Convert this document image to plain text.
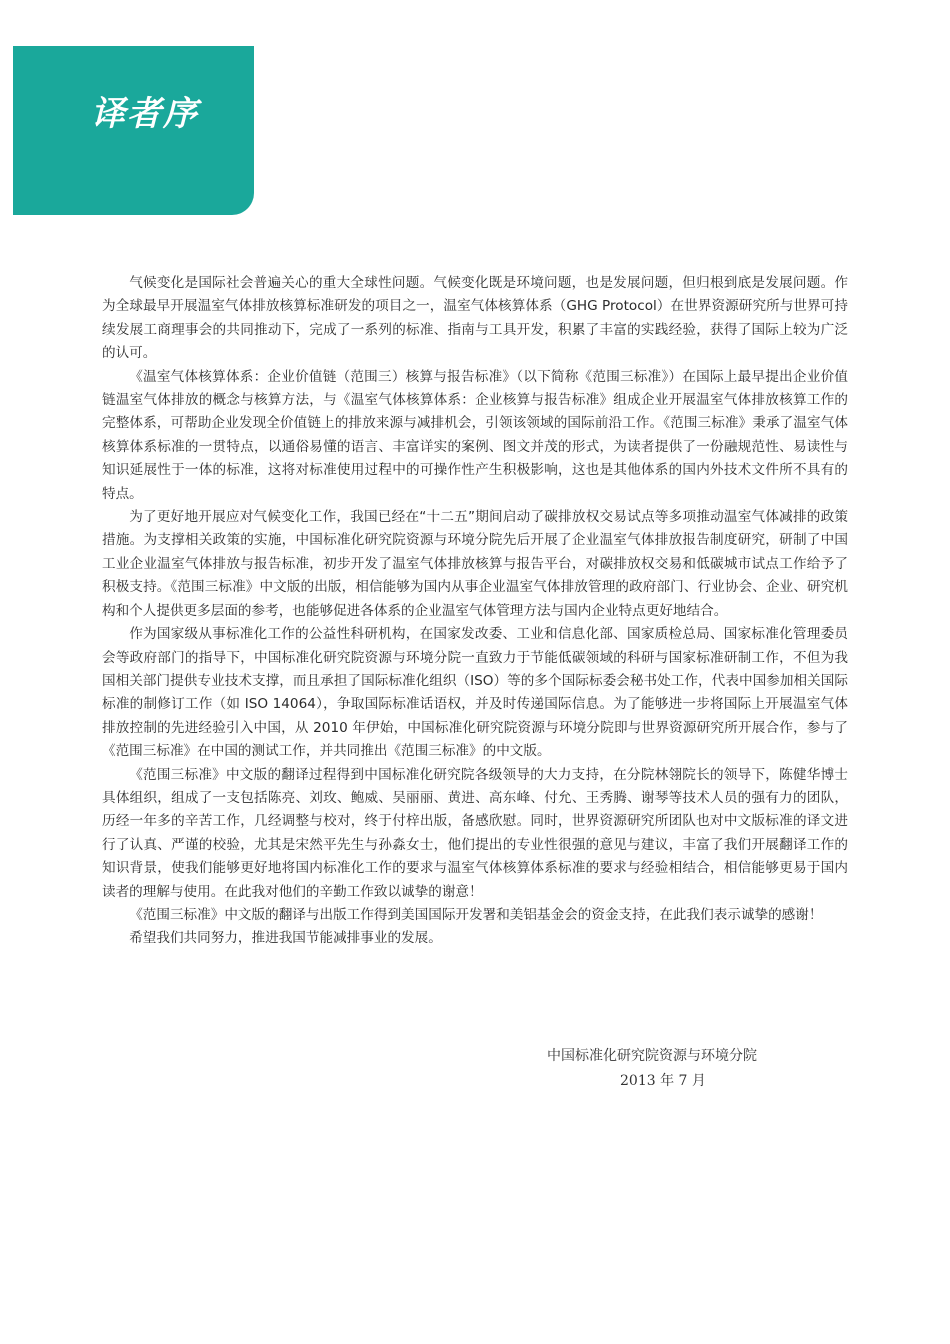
译者序

气候变化是国际社会普遍关心的重大全球性问题。气候变化既是环境问题，也是发展问题，但归根到底是发展问题。作为全球最早开展温室气体排放核算标准研发的项目之一，温室气体核算体系（GHG Protocol）在世界资源研究所与世界可持续发展工商理事会的共同推动下，完成了一系列的标准、指南与工具开发，积累了丰富的实践经验，获得了国际上较为广泛的认可。

《温室气体核算体系：企业价值链（范围三）核算与报告标准》（以下简称《范围三标准》）在国际上最早提出企业价值链温室气体排放的概念与核算方法，与《温室气体核算体系：企业核算与报告标准》组成企业开展温室气体排放核算工作的完整体系，可帮助企业发现全价值链上的排放来源与减排机会，引领该领域的国际前沿工作。《范围三标准》秉承了温室气体核算体系标准的一贯特点，以通俗易懂的语言、丰富详实的案例、图文并茂的形式，为读者提供了一份融规范性、易读性与知识延展性于一体的标准，这将对标准使用过程中的可操作性产生积极影响，这也是其他体系的国内外技术文件所不具有的特点。

为了更好地开展应对气候变化工作，我国已经在“十二五”期间启动了碳排放权交易试点等多项推动温室气体减排的政策措施。为支撑相关政策的实施，中国标准化研究院资源与环境分院先后开展了企业温室气体排放报告制度研究，研制了中国工业企业温室气体排放与报告标准，初步开发了温室气体排放核算与报告平台，对碳排放权交易和低碳城市试点工作给予了积极支持。《范围三标准》中文版的出版，相信能够为国内从事企业温室气体排放管理的政府部门、行业协会、企业、研究机构和个人提供更多层面的参考，也能够促进各体系的企业温室气体管理方法与国内企业特点更好地结合。

作为国家级从事标准化工作的公益性科研机构，在国家发改委、工业和信息化部、国家质检总局、国家标准化管理委员会等政府部门的指导下，中国标准化研究院资源与环境分院一直致力于节能低碳领域的科研与国家标准研制工作，不但为我国相关部门提供专业技术支撑，而且承担了国际标准化组织（ISO）等的多个国际标委会秘书处工作，代表中国参加相关国际标准的制修订工作（如 ISO 14064），争取国际标准话语权，并及时传递国际信息。为了能够进一步将国际上开展温室气体排放控制的先进经验引入中国，从 2010 年伊始，中国标准化研究院资源与环境分院即与世界资源研究所开展合作，参与了《范围三标准》在中国的测试工作，并共同推出《范围三标准》的中文版。

《范围三标准》中文版的翻译过程得到中国标准化研究院各级领导的大力支持，在分院林翎院长的领导下，陈健华博士具体组织，组成了一支包括陈亮、刘玫、鲍威、吴丽丽、黄进、高东峰、付允、王秀腾、谢琴等技术人员的强有力的团队，历经一年多的辛苦工作，几经调整与校对，终于付梓出版，备感欣慰。同时，世界资源研究所团队也对中文版标准的译文进行了认真、严谨的校验，尤其是宋然平先生与孙淼女士，他们提出的专业性很强的意见与建议，丰富了我们开展翻译工作的知识背景，使我们能够更好地将国内标准化工作的要求与温室气体核算体系标准的要求与经验相结合，相信能够更易于国内读者的理解与使用。在此我对他们的辛勤工作致以诚挚的谢意！

《范围三标准》中文版的翻译与出版工作得到美国国际开发署和美铝基金会的资金支持，在此我们表示诚挚的感谢！

希望我们共同努力，推进我国节能减排事业的发展。

中国标准化研究院资源与环境分院
2013 年 7 月
